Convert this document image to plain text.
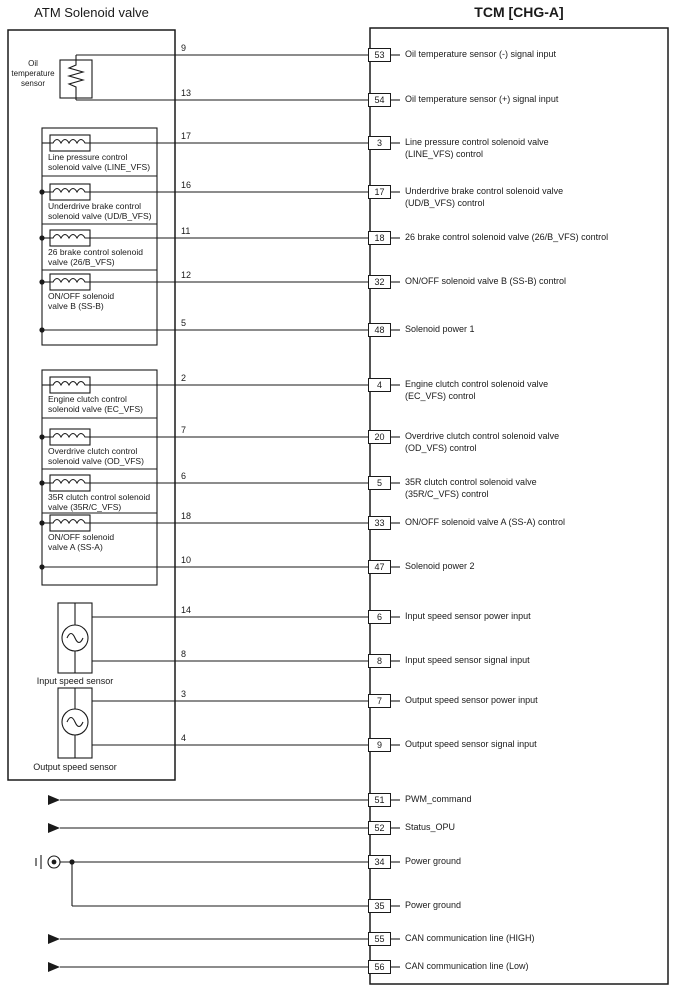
ATM Solenoid valve	TCM [CHG-A]
Oil
temperature
sensor
Line pressure control
solenoid valve (LINE_VFS)
Underdrive brake control
solenoid valve (UD/B_VFS)
26 brake control solenoid
valve (26/B_VFS)
ON/OFF solenoid
valve B (SS-B)
Engine clutch control
solenoid valve (EC_VFS)
Overdrive clutch control
solenoid valve (OD_VFS)
35R clutch control solenoid
valve (35R/C_VFS)
ON/OFF solenoid
valve A (SS-A)
Input speed sensor
Output speed sensor
9
53	Oil temperature sensor (-) signal input
13
54	Oil temperature sensor (+) signal input
17
3	Line pressure control solenoid valve
(LINE_VFS) control
16
17	Underdrive brake control solenoid valve
(UD/B_VFS) control
11
18	26 brake control solenoid valve (26/B_VFS) control
12
32	ON/OFF solenoid valve B (SS-B) control
5
48	Solenoid power 1
2
4	Engine clutch control solenoid valve
(EC_VFS) control
7
20	Overdrive clutch control solenoid valve
(OD_VFS) control
6
5	35R clutch control solenoid valve
(35R/C_VFS) control
18
33	ON/OFF solenoid valve A (SS-A) control
10
47	Solenoid power 2
14
6	Input speed sensor power input
8
8	Input speed sensor signal input
3
7	Output speed sensor power input
4
9	Output speed sensor signal input
51	PWM_command
52	Status_OPU
34	Power ground
35	Power ground
55	CAN communication line (HIGH)
56	CAN communication line (Low)
